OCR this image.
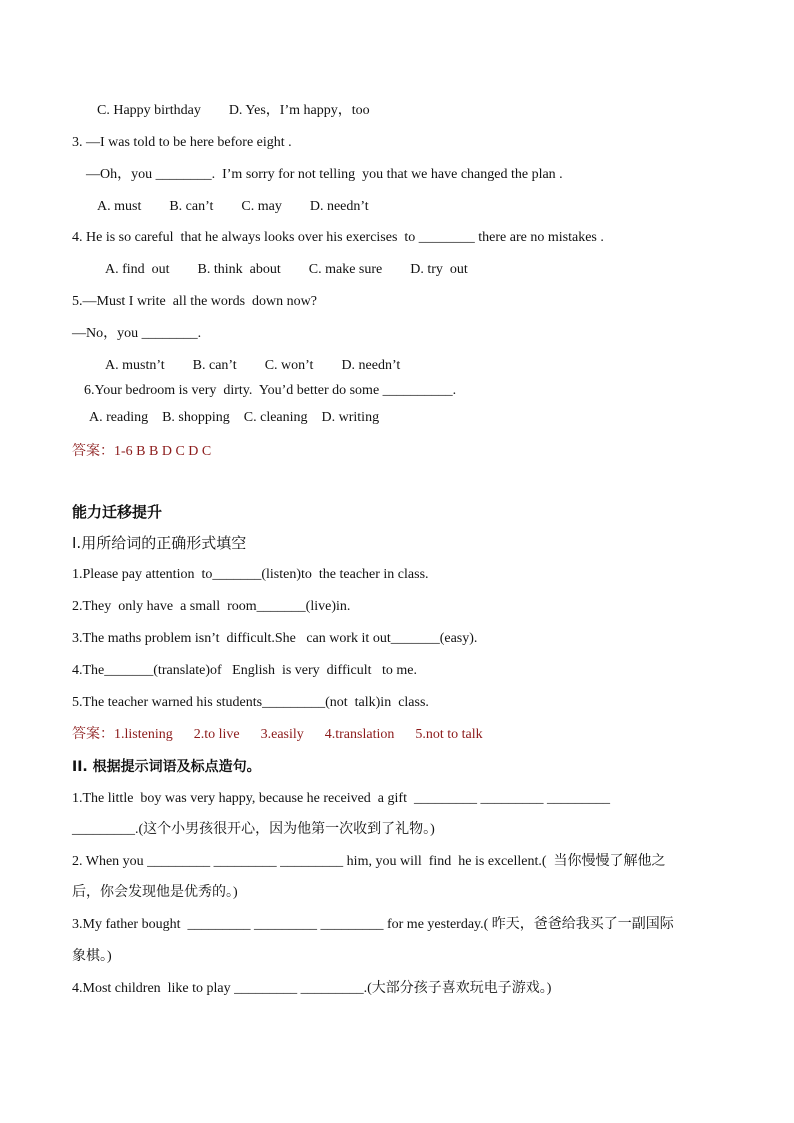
C. Happy birthday        D. Yes，I’m happy，too
3. —I was told to be here before eight .
—Oh，you ________.  I’m sorry for not telling  you that we have changed the plan .
A. must        B. can’t        C. may        D. needn’t
4. He is so careful  that he always looks over his exercises  to ________ there are no mistakes .
A. find  out        B. think  about        C. make sure        D. try  out
5.—Must I write  all the words  down now?
—No，you ________.
A. mustn’t        B. can’t        C. won’t        D. needn’t
6.Your bedroom is very  dirty.  You’d better do some __________.
A. reading    B. shopping    C. cleaning    D. writing
答案：1-6 B B D C D C
能力迁移提升
I.用所给词的正确形式填空
1.Please pay attention  to_______(listen)to  the teacher in class.
2.They  only have  a small  room_______(live)in.
3.The maths problem isn’t  difficult.She   can work it out_______(easy).
4.The_______(translate)of   English  is very  difficult   to me.
5.The teacher warned his students_________(not  talk)in  class.
答案：1.listening      2.to live      3.easily      4.translation      5.not to talk
II. 根据提示词语及标点造句。
1.The little  boy was very happy, because he received  a gift  _________ _________ _________
_________.(这个小男孩很开心，因为他第一次收到了礼物。)
2. When you _________ _________ _________ him, you will  find  he is excellent.(  当你慢慢了解他之
后，你会发现他是优秀的。)
3.My father bought  _________ _________ _________ for me yesterday.( 昨天，爸爸给我买了一副国际
象棋。)
4.Most children  like to play _________ _________.(大部分孩子喜欢玩电子游戏。)
